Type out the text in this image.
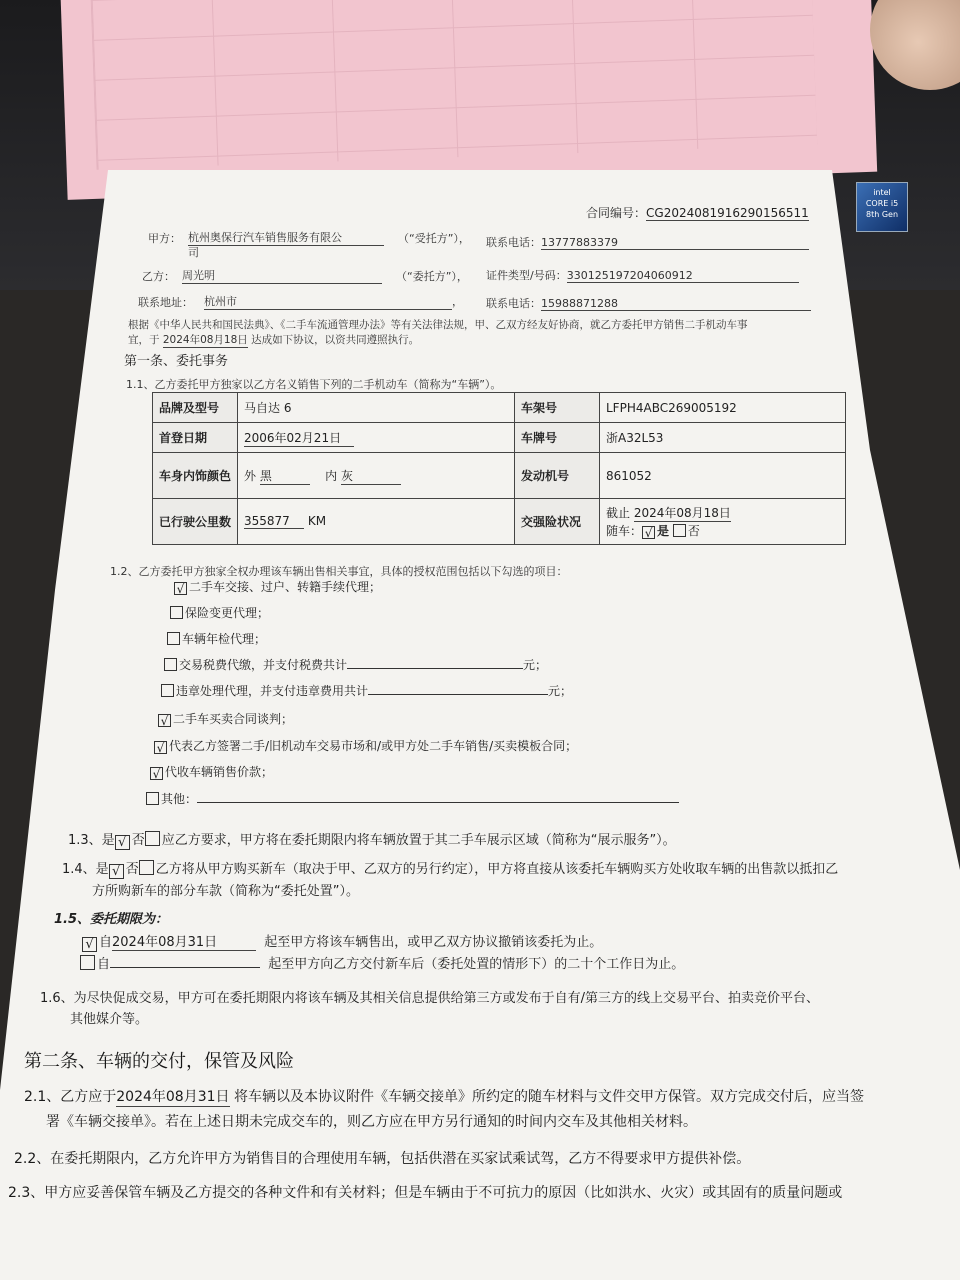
intel
CORE i5
8th Gen
合同编号：CG2024081916290156511
甲方： 杭州奥保行汽车销售服务有限公
司
（“受托方”）， 联系电话：13777883379
乙方： 周光明	（“委托方”）， 证件类型/号码：330125197204060912
联系地址： 杭州市	， 联系电话：15988871288
根据《中华人民共和国民法典》、《二手车流通管理办法》等有关法律法规，甲、乙双方经友好协商，就乙方委托甲方销售二手机动车事
宜，于 2024年08月18日 达成如下协议，以资共同遵照执行。
第一条、委托事务
1.1、乙方委托甲方独家以乙方名义销售下列的二手机动车（简称为“车辆”）。
品牌及型号	马自达 6	车架号	LFPH4ABC269005192
首登日期	2006年02月21日	车牌号	浙A32L53
车身内饰颜色	外 黑 内 灰	发动机号	861052
已行驶公里数	355877 KM	交强险状况	截止 2024年08月18日
随车： √ 是 否
1.2、乙方委托甲方独家全权办理该车辆出售相关事宜，具体的授权范围包括以下勾选的项目：
√ 二手车交接、过户、转籍手续代理；
保险变更代理；
车辆年检代理；
交易税费代缴，并支付税费共计	元；
违章处理代理，并支付违章费用共计	元；
√ 二手车买卖合同谈判；
√ 代表乙方签署二手/旧机动车交易市场和/或甲方处二手车销售/买卖模板合同；
√ 代收车辆销售价款；
其他：
1.3、是 √ 否 应乙方要求，甲方将在委托期限内将车辆放置于其二手车展示区域（简称为“展示服务”）。
1.4、是 √ 否 乙方将从甲方购买新车（取决于甲、乙双方的另行约定），甲方将直接从该委托车辆购买方处收取车辆的出售款以抵扣乙
方所购新车的部分车款（简称为“委托处置”）。
1.5、委托期限为：
√ 自2024年08月31日	起至甲方将该车辆售出，或甲乙双方协议撤销该委托为止。
自	起至甲方向乙方交付新车后（委托处置的情形下）的二十个工作日为止。
1.6、为尽快促成交易，甲方可在委托期限内将该车辆及其相关信息提供给第三方或发布于自有/第三方的线上交易平台、拍卖竞价平台、
其他媒介等。
第二条、车辆的交付，保管及风险
2.1、乙方应于2024年08月31日 将车辆以及本协议附件《车辆交接单》所约定的随车材料与文件交甲方保管。双方完成交付后，应当签
署《车辆交接单》。若在上述日期未完成交车的，则乙方应在甲方另行通知的时间内交车及其他相关材料。
2.2、在委托期限内，乙方允许甲方为销售目的合理使用车辆，包括供潜在买家试乘试驾，乙方不得要求甲方提供补偿。
2.3、甲方应妥善保管车辆及乙方提交的各种文件和有关材料；但是车辆由于不可抗力的原因（比如洪水、火灾）或其固有的质量问题或
